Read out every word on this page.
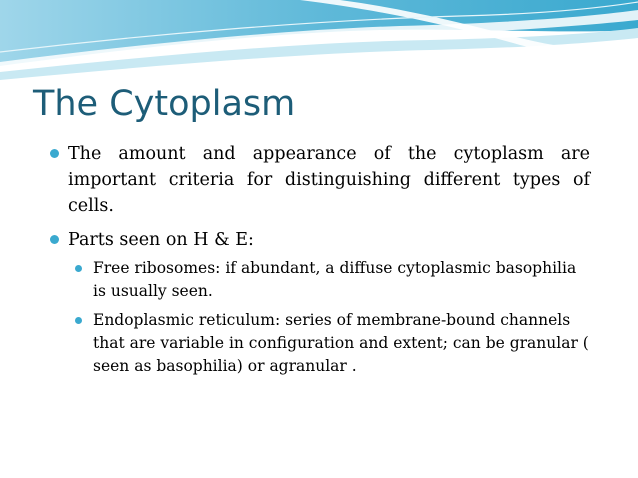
The Cytoplasm
The amount and appearance of the cytoplasm are important criteria for distinguishing different types of cells.
Parts seen on H & E:
Free ribosomes: if abundant, a diffuse cytoplasmic basophilia is usually seen.
Endoplasmic reticulum: series of membrane-bound channels that are variable in configuration and extent; can be granular ( seen as basophilia) or agranular .
